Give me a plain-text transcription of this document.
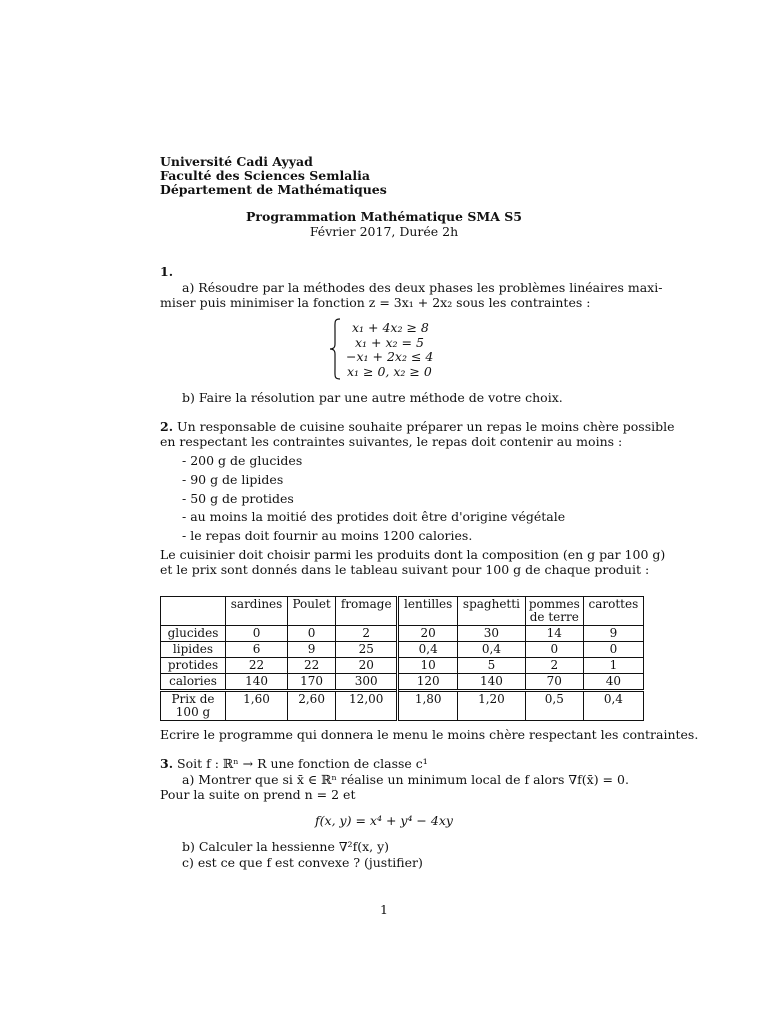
Université Cadi Ayyad
Faculté des Sciences Semlalia
Département de Mathématiques
Programmation Mathématique SMA S5
Février 2017, Durée 2h
1.
a) Résoudre par la méthodes des deux phases les problèmes linéaires maxi-
miser puis minimiser la fonction z = 3x₁ + 2x₂ sous les contraintes :
x₁ + 4x₂ ≥ 8
x₁ + x₂ = 5
−x₁ + 2x₂ ≤ 4
x₁ ≥ 0, x₂ ≥ 0
b) Faire la résolution par une autre méthode de votre choix.
2. Un responsable de cuisine souhaite préparer un repas le moins chère possible
en respectant les contraintes suivantes, le repas doit contenir au moins :
- 200 g de glucides
- 90 g de lipides
- 50 g de protides
- au moins la moitié des protides doit être d'origine végétale
- le repas doit fournir au moins 1200 calories.
Le cuisinier doit choisir parmi les produits dont la composition (en g par 100 g)
et le prix sont donnés dans le tableau suivant pour 100 g de chaque produit :
	sardines	Poulet	fromage	lentilles	spaghetti	pommes de terre	carottes
glucides	0	0	2	20	30	14	9
lipides	6	9	25	0,4	0,4	0	0
protides	22	22	20	10	5	2	1
calories	140	170	300	120	140	70	40
Prix de 100 g	1,60	2,60	12,00	1,80	1,20	0,5	0,4
Ecrire le programme qui donnera le menu le moins chère respectant les contraintes.
3. Soit f : ℝⁿ → R une fonction de classe c¹
a) Montrer que si x̄ ∈ ℝⁿ réalise un minimum local de f alors ∇f(x̄) = 0.
Pour la suite on prend n = 2 et
f(x, y) = x⁴ + y⁴ − 4xy
b) Calculer la hessienne ∇²f(x, y)
c) est ce que f est convexe ? (justifier)
1
